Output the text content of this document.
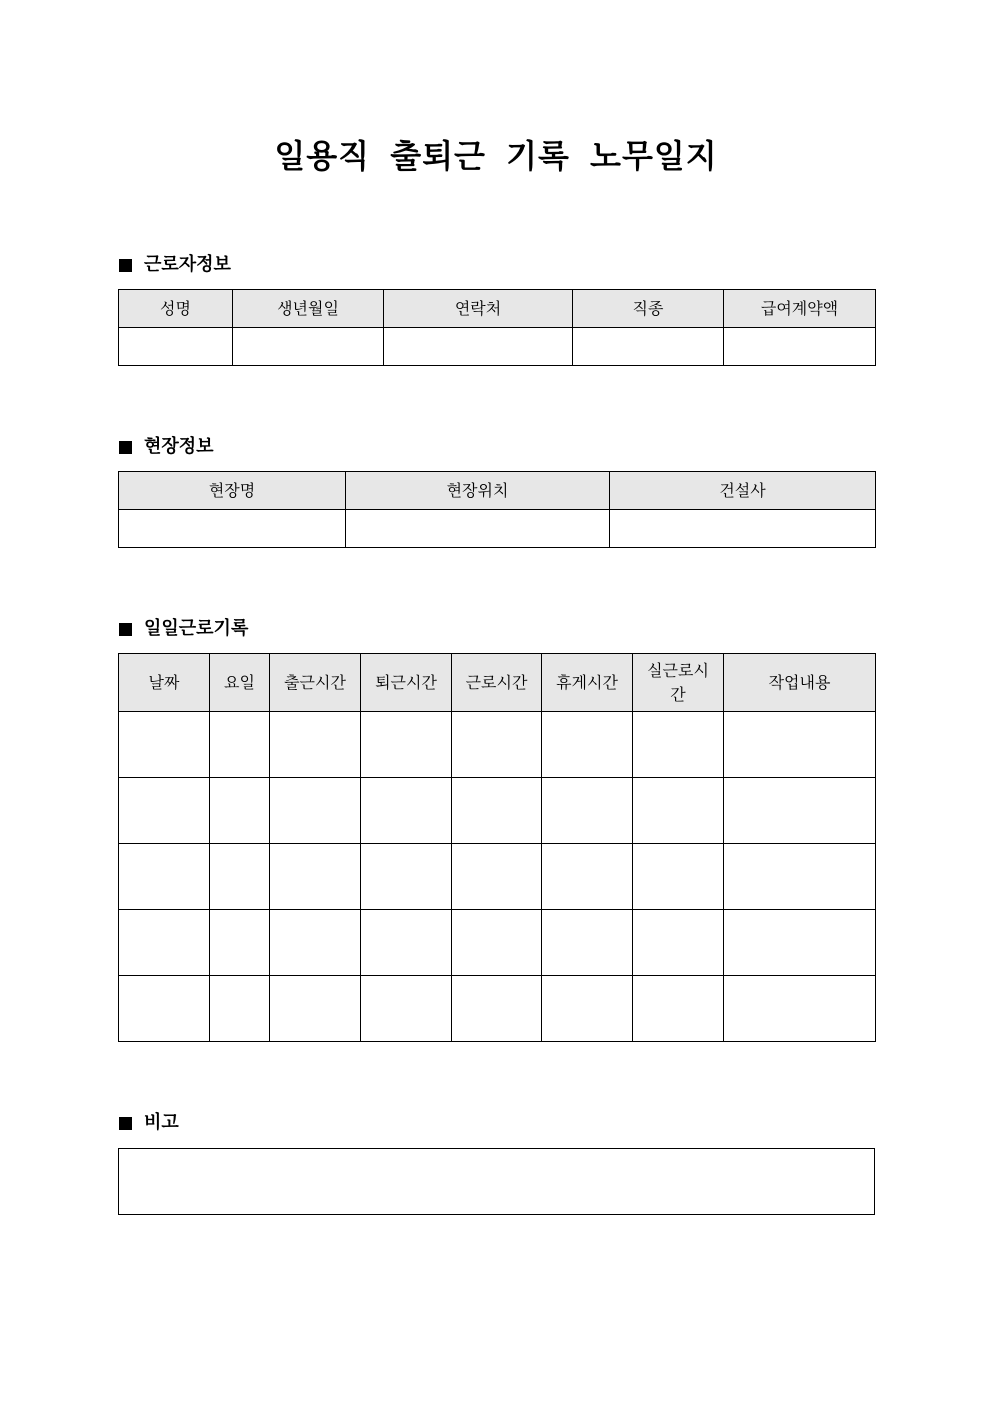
일용직 출퇴근 기록 노무일지
근로자정보
성명	생년월일	연락처	직종	급여계약액

현장정보
현장명	현장위치	건설사

일일근로기록
날짜	요일	출근시간	퇴근시간	근로시간	휴게시간	실근로시간	작업내용

비고
